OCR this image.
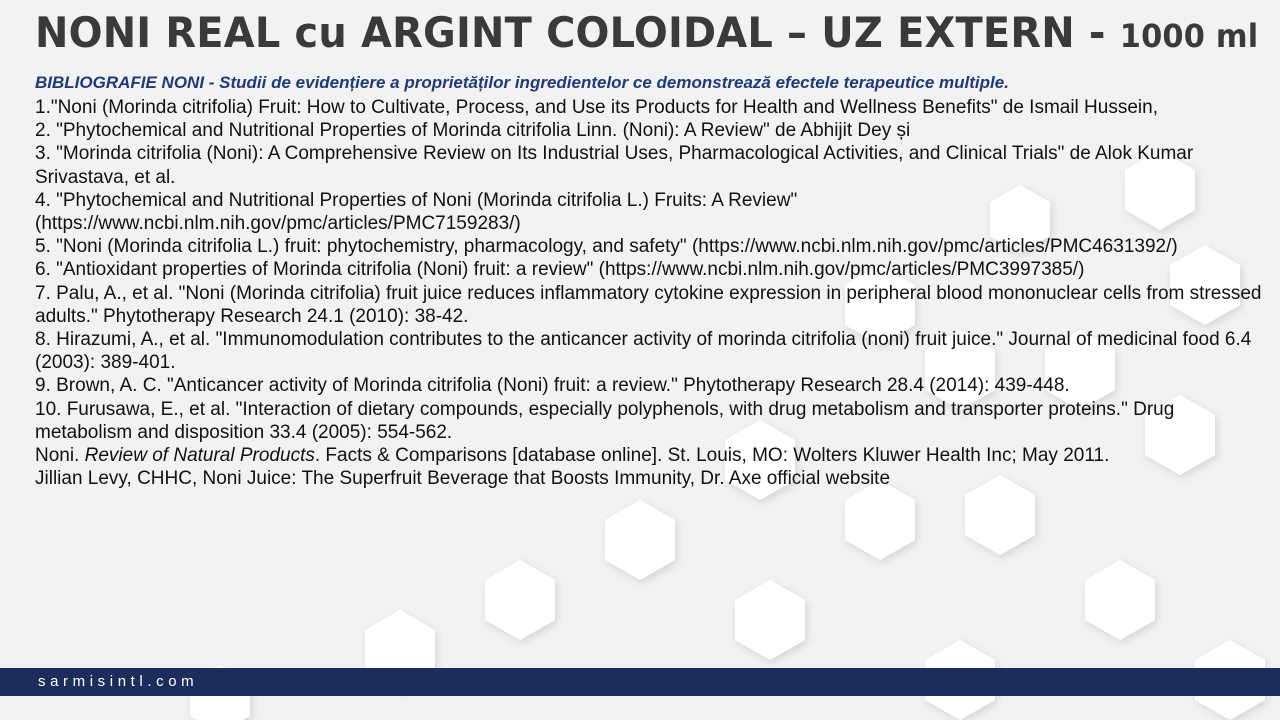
NONI REAL cu ARGINT COLOIDAL – UZ EXTERN - 1000 ml
BIBLIOGRAFIE NONI - Studii de evidențiere a proprietăților ingredientelor ce demonstrează efectele terapeutice multiple.
1."Noni (Morinda citrifolia) Fruit: How to Cultivate, Process, and Use its Products for Health and Wellness Benefits" de Ismail Hussein,
2. "Phytochemical and Nutritional Properties of Morinda citrifolia Linn. (Noni): A Review" de Abhijit Dey și
3. "Morinda citrifolia (Noni): A Comprehensive Review on Its Industrial Uses, Pharmacological Activities, and Clinical Trials" de Alok Kumar Srivastava, et al.
4. "Phytochemical and Nutritional Properties of Noni (Morinda citrifolia L.) Fruits: A Review" (https://www.ncbi.nlm.nih.gov/pmc/articles/PMC7159283/)
5. "Noni (Morinda citrifolia L.) fruit: phytochemistry, pharmacology, and safety" (https://www.ncbi.nlm.nih.gov/pmc/articles/PMC4631392/)
6. "Antioxidant properties of Morinda citrifolia (Noni) fruit: a review" (https://www.ncbi.nlm.nih.gov/pmc/articles/PMC3997385/)
7. Palu, A., et al. "Noni (Morinda citrifolia) fruit juice reduces inflammatory cytokine expression in peripheral blood mononuclear cells from stressed adults." Phytotherapy Research 24.1 (2010): 38-42.
8. Hirazumi, A., et al. "Immunomodulation contributes to the anticancer activity of morinda citrifolia (noni) fruit juice." Journal of medicinal food 6.4 (2003): 389-401.
9. Brown, A. C. "Anticancer activity of Morinda citrifolia (Noni) fruit: a review." Phytotherapy Research 28.4 (2014): 439-448.
10. Furusawa, E., et al. "Interaction of dietary compounds, especially polyphenols, with drug metabolism and transporter proteins." Drug metabolism and disposition 33.4 (2005): 554-562.
Noni. Review of Natural Products. Facts & Comparisons [database online]. St. Louis, MO: Wolters Kluwer Health Inc; May 2011.
Jillian Levy, CHHC, Noni Juice: The Superfruit Beverage that Boosts Immunity, Dr. Axe official website
sarmisintl.com
